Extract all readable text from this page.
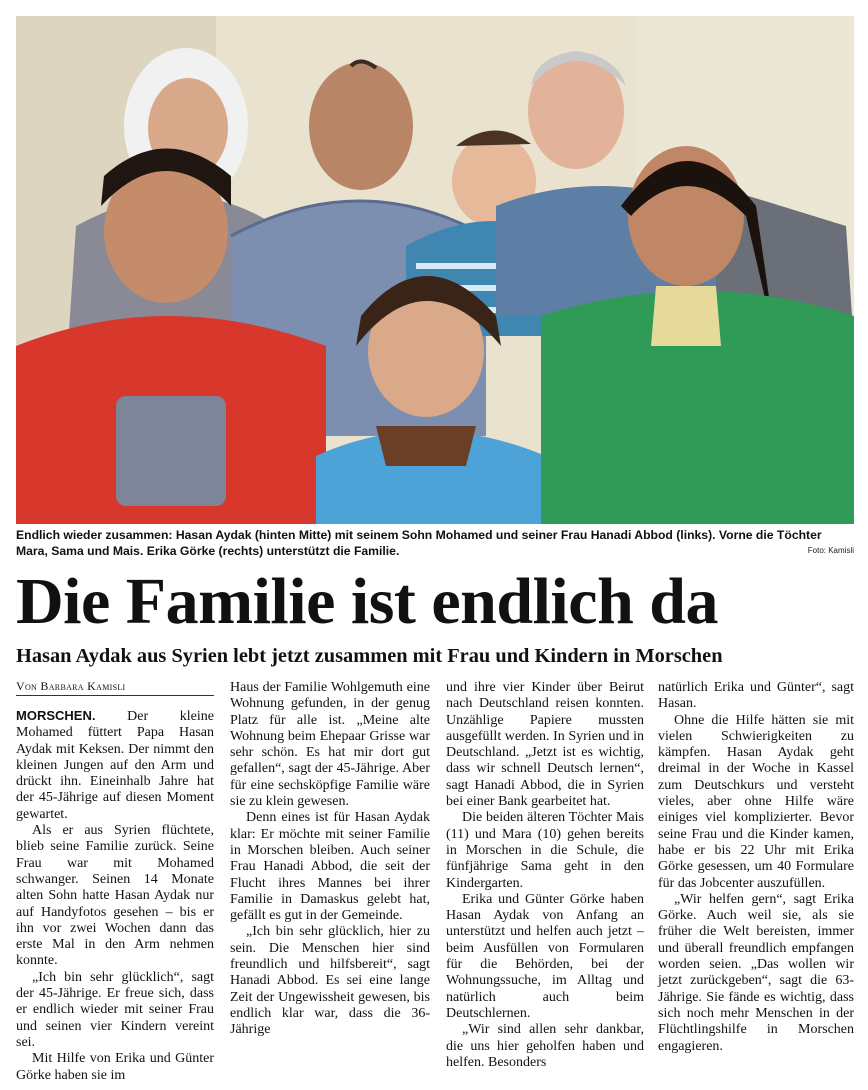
Endlich wieder zusammen: Hasan Aydak (hinten Mitte) mit seinem Sohn Mohamed und seiner Frau Hanadi Abbod (links). Vorne die Töchter Mara, Sama und Mais. Erika Görke (rechts) unterstützt die Familie.	Foto: Kamisli
Die Familie ist endlich da
Hasan Aydak aus Syrien lebt jetzt zusammen mit Frau und Kindern in Morschen
Von Barbara Kamisli

MORSCHEN. Der kleine Mohamed füttert Papa Hasan Aydak mit Keksen. Der nimmt den kleinen Jungen auf den Arm und drückt ihn. Eineinhalb Jahre hat der 45-Jährige auf diesen Moment gewartet.

Als er aus Syrien flüchtete, blieb seine Familie zurück. Seine Frau war mit Mohamed schwanger. Seinen 14 Monate alten Sohn hatte Hasan Aydak nur auf Handyfotos gesehen – bis er ihn vor zwei Wochen dann das erste Mal in den Arm nehmen konnte.

„Ich bin sehr glücklich“, sagt der 45-Jährige. Er freue sich, dass er endlich wieder mit seiner Frau und seinen vier Kindern vereint sei.

Mit Hilfe von Erika und Günter Görke haben sie im

Haus der Familie Wohlgemuth eine Wohnung gefunden, in der genug Platz für alle ist. „Meine alte Wohnung beim Ehepaar Grisse war sehr schön. Es hat mir dort gut gefallen“, sagt der 45-Jährige. Aber für eine sechsköpfige Familie wäre sie zu klein gewesen.

Denn eines ist für Hasan Aydak klar: Er möchte mit seiner Familie in Morschen bleiben. Auch seiner Frau Hanadi Abbod, die seit der Flucht ihres Mannes bei ihrer Familie in Damaskus gelebt hat, gefällt es gut in der Gemeinde.

„Ich bin sehr glücklich, hier zu sein. Die Menschen hier sind freundlich und hilfsbereit“, sagt Hanadi Abbod. Es sei eine lange Zeit der Ungewissheit gewesen, bis endlich klar war, dass die 36-Jährige

und ihre vier Kinder über Beirut nach Deutschland reisen konnten. Unzählige Papiere mussten ausgefüllt werden. In Syrien und in Deutschland. „Jetzt ist es wichtig, dass wir schnell Deutsch lernen“, sagt Hanadi Abbod, die in Syrien bei einer Bank gearbeitet hat.

Die beiden älteren Töchter Mais (11) und Mara (10) gehen bereits in Morschen in die Schule, die fünfjährige Sama geht in den Kindergarten.

Erika und Günter Görke haben Hasan Aydak von Anfang an unterstützt und helfen auch jetzt – beim Ausfüllen von Formularen für die Behörden, bei der Wohnungssuche, im Alltag und natürlich auch beim Deutschlernen.

„Wir sind allen sehr dankbar, die uns hier geholfen haben und helfen. Besonders

natürlich Erika und Günter“, sagt Hasan.

Ohne die Hilfe hätten sie mit vielen Schwierigkeiten zu kämpfen. Hasan Aydak geht dreimal in der Woche in Kassel zum Deutschkurs und versteht vieles, aber ohne Hilfe wäre einiges viel komplizierter. Bevor seine Frau und die Kinder kamen, habe er bis 22 Uhr mit Erika Görke gesessen, um 40 Formulare für das Jobcenter auszufüllen.

„Wir helfen gern“, sagt Erika Görke. Auch weil sie, als sie früher die Welt bereisten, immer und überall freundlich empfangen worden seien. „Das wollen wir jetzt zurückgeben“, sagt die 63-Jährige. Sie fände es wichtig, dass sich noch mehr Menschen in der Flüchtlingshilfe in Morschen engagieren.
